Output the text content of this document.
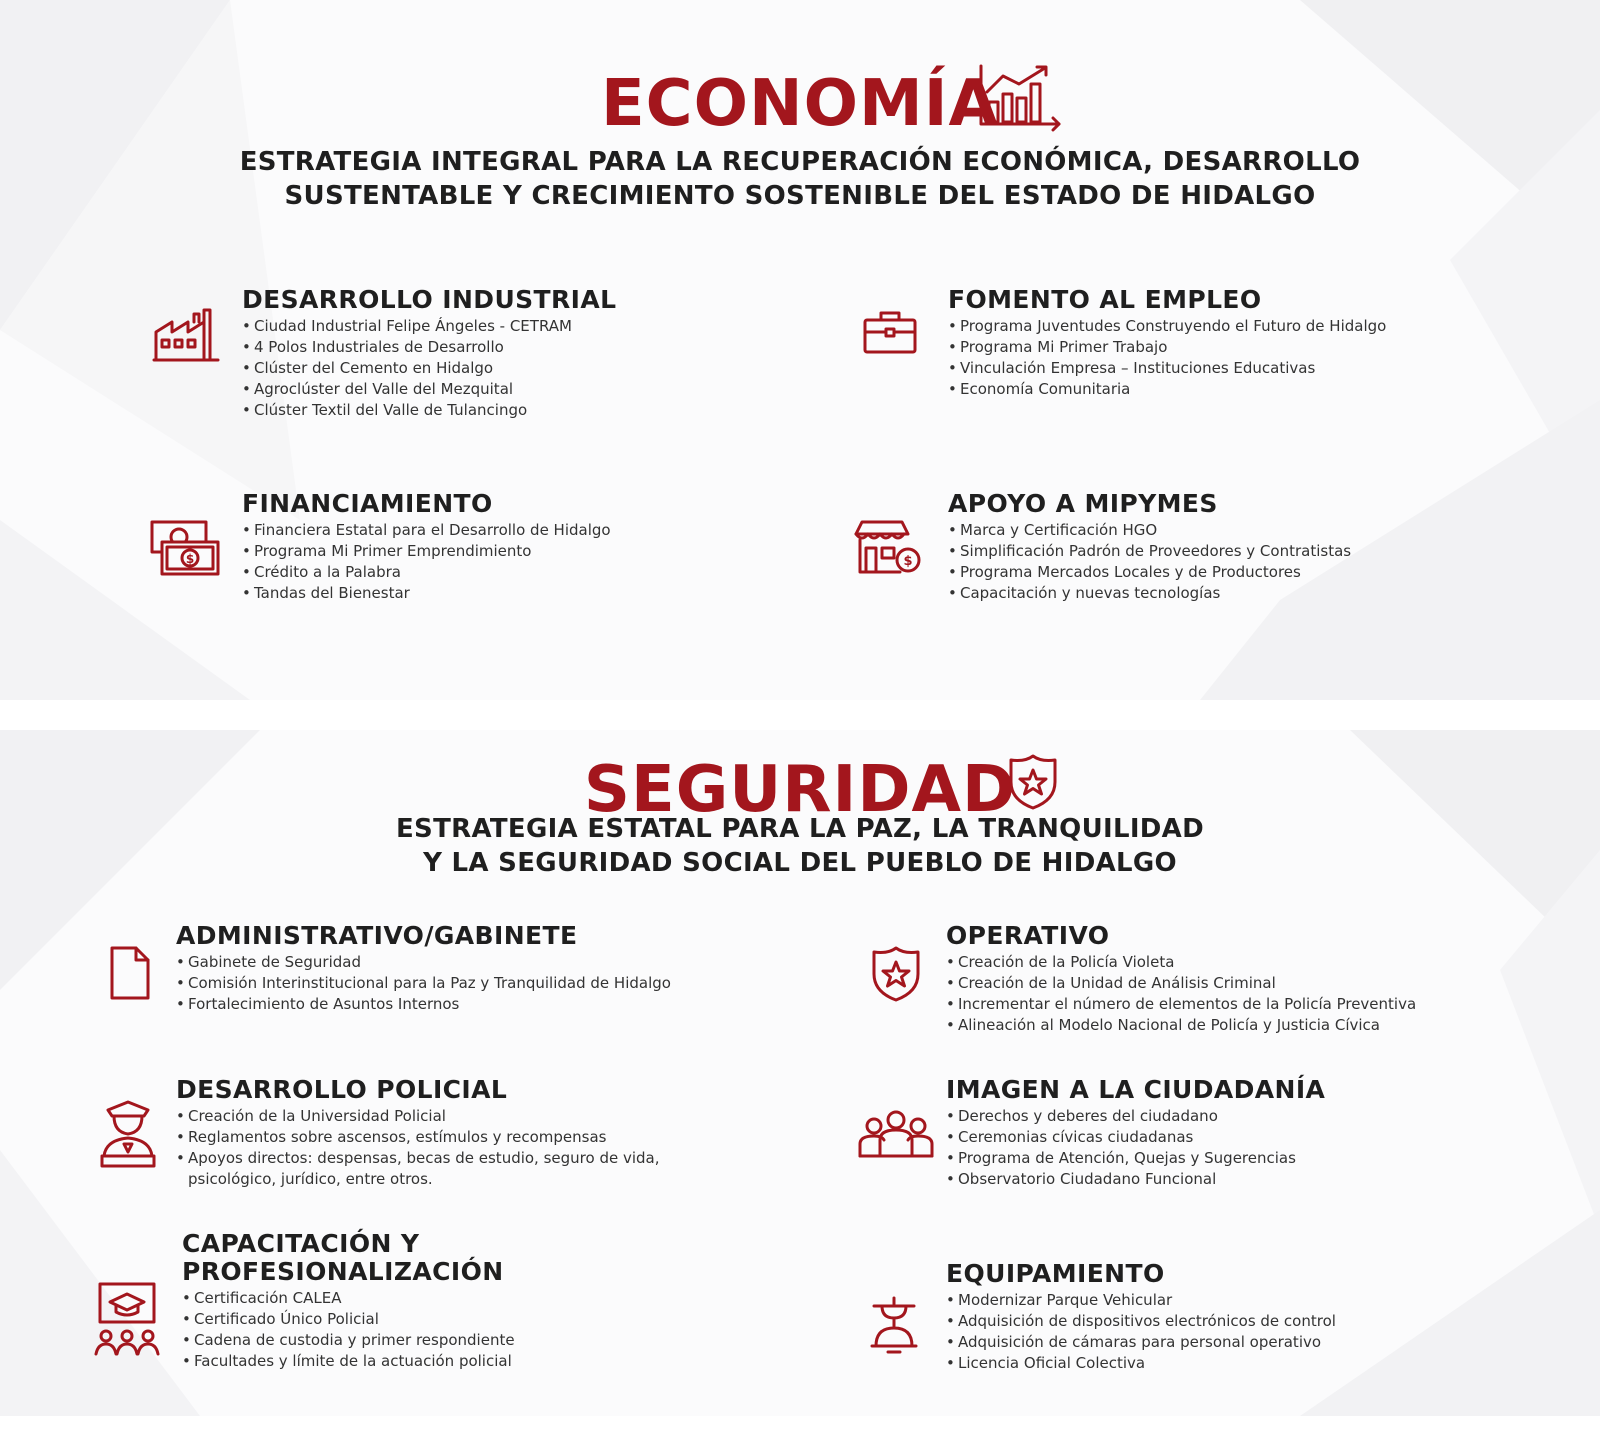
ECONOMÍA
ESTRATEGIA INTEGRAL PARA LA RECUPERACIÓN ECONÓMICA, DESARROLLO
SUSTENTABLE Y CRECIMIENTO SOSTENIBLE DEL ESTADO DE HIDALGO
DESARROLLO INDUSTRIAL
• Ciudad Industrial Felipe Ángeles - CETRAM
• 4 Polos Industriales de Desarrollo
• Clúster del Cemento en Hidalgo
• Agroclúster del Valle del Mezquital
• Clúster Textil del Valle de Tulancingo
FOMENTO AL EMPLEO
• Programa Juventudes Construyendo el Futuro de Hidalgo
• Programa Mi Primer Trabajo
• Vinculación Empresa – Instituciones Educativas
• Economía Comunitaria
$
FINANCIAMIENTO
• Financiera Estatal para el Desarrollo de Hidalgo
• Programa Mi Primer Emprendimiento
• Crédito a la Palabra
• Tandas del Bienestar
$
APOYO A MIPYMES
• Marca y Certificación HGO
• Simplificación Padrón de Proveedores y Contratistas
• Programa Mercados Locales y de Productores
• Capacitación y nuevas tecnologías
SEGURIDAD
ESTRATEGIA ESTATAL PARA LA PAZ, LA TRANQUILIDAD
Y LA SEGURIDAD SOCIAL DEL PUEBLO DE HIDALGO
ADMINISTRATIVO/GABINETE
• Gabinete de Seguridad
• Comisión Interinstitucional para la Paz y Tranquilidad de Hidalgo
• Fortalecimiento de Asuntos Internos
OPERATIVO
• Creación de la Policía Violeta
• Creación de la Unidad de Análisis Criminal
• Incrementar el número de elementos de la Policía Preventiva
• Alineación al Modelo Nacional de Policía y Justicia Cívica
DESARROLLO POLICIAL
• Creación de la Universidad Policial
• Reglamentos sobre ascensos, estímulos y recompensas
• Apoyos directos: despensas, becas de estudio, seguro de vida, psicológico, jurídico, entre otros.
IMAGEN A LA CIUDADANÍA
• Derechos y deberes del ciudadano
• Ceremonias cívicas ciudadanas
• Programa de Atención, Quejas y Sugerencias
• Observatorio Ciudadano Funcional
CAPACITACIÓN Y
PROFESIONALIZACIÓN
• Certificación CALEA
• Certificado Único Policial
• Cadena de custodia y primer respondiente
• Facultades y límite de la actuación policial
EQUIPAMIENTO
• Modernizar Parque Vehicular
• Adquisición de dispositivos electrónicos de control
• Adquisición de cámaras para personal operativo
• Licencia Oficial Colectiva
